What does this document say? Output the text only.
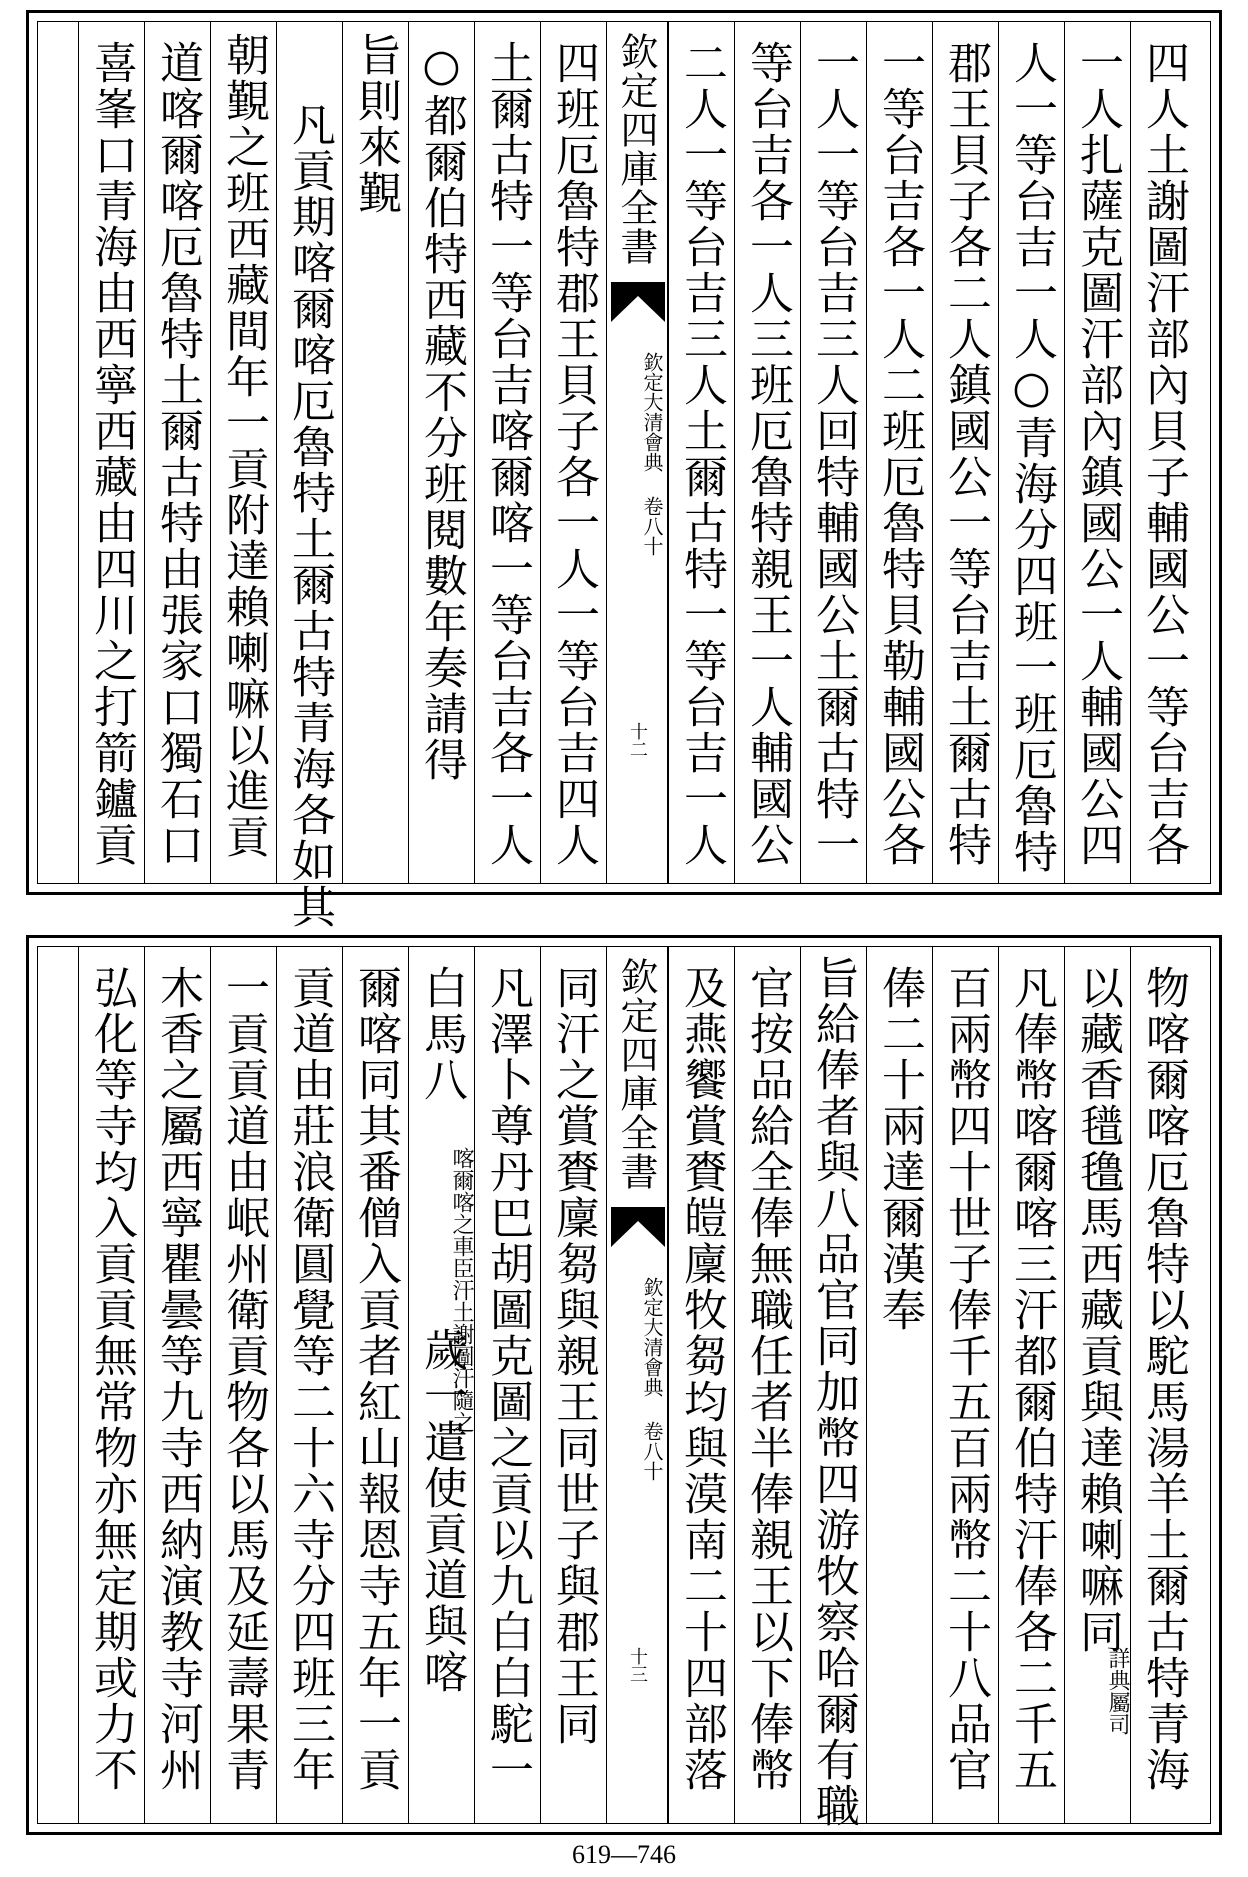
四人土謝圖汗部內貝子輔國公一等台吉各
一人扎薩克圖汗部內鎮國公一人輔國公四
人一等台吉一人○青海分四班一班厄魯特
郡王貝子各二人鎮國公一等台吉土爾古特
一等台吉各一人二班厄魯特貝勒輔國公各
一人一等台吉三人回特輔國公土爾古特一
等台吉各一人三班厄魯特親王一人輔國公
二人一等台吉三人土爾古特一等台吉一人
欽定四庫全書
欽定大清會典 卷八十
十二
四班厄魯特郡王貝子各一人一等台吉四人
土爾古特一等台吉喀爾喀一等台吉各一人
○都爾伯特西藏不分班閱數年奏請得
旨則來覲
凡貢期喀爾喀厄魯特土爾古特青海各如其
朝覲之班西藏間年一貢附達賴喇嘛以進貢
道喀爾喀厄魯特土爾古特由張家口獨石口
喜峯口青海由西寧西藏由四川之打箭鑪貢
物喀爾喀厄魯特以駝馬湯羊土爾古特青海
以藏香氆氇馬西藏貢與達賴喇嘛同
詳典屬司
凡俸幣喀爾喀三汗都爾伯特汗俸各二千五
百兩幣四十世子俸千五百兩幣二十八品官
俸二十兩達爾漢奉
旨給俸者與八品官同加幣四游牧察哈爾有職
官按品給全俸無職任者半俸親王以下俸幣
及燕饗賞賚皚廩牧芻均與漠南二十四部落
欽定四庫全書
欽定大清會典 卷八十
十三
同汗之賞賚廩芻與親王同世子與郡王同
凡澤卜尊丹巴胡圖克圖之貢以九白白駝一
白馬八
喀爾喀之車臣汗土謝圖汗隨之
歲一遣使貢道與喀
爾喀同其番僧入貢者紅山報恩寺五年一貢
貢道由莊浪衛圓覺等二十六寺分四班三年
一貢貢道由岷州衛貢物各以馬及延壽果青
木香之屬西寧瞿曇等九寺西納演教寺河州
弘化等寺均入貢貢無常物亦無定期或力不
619—746
